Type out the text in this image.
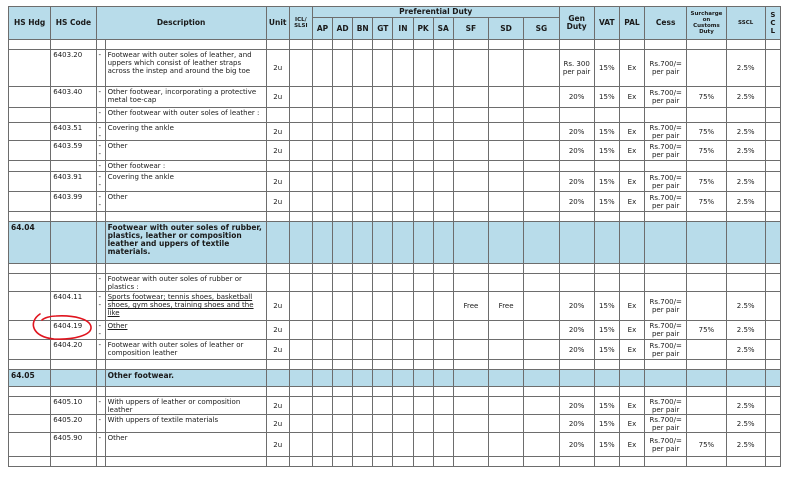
HS Hdg	HS Code	Description		Unit	ICL/ SLSI	Preferential Duty										Gen Duty	VAT	PAL	Cess	Surcharge on Customs Duty	SSCL	S C L
						AP	AD	BN	GT	IN	PK	SA	SF	SD	SG							

	6403.20	-	Footwear with outer soles of leather, and uppers which consist of leather straps across the instep and around the big toe	2u												Rs. 300 per pair	15%	Ex	Rs.700/= per pair		2.5%	
	6403.40	-	Other footwear, incorporating a protective metal toe-cap	2u												20%	15%	Ex	Rs.700/= per pair	75%	2.5%	
		-	Other footwear with outer soles of leather :																			
	6403.51	--	Covering the ankle	2u												20%	15%	Ex	Rs.700/= per pair	75%	2.5%	
	6403.59	--	Other	2u												20%	15%	Ex	Rs.700/= per pair	75%	2.5%	
		-	Other footwear :																			
	6403.91	--	Covering the ankle	2u												20%	15%	Ex	Rs.700/= per pair	75%	2.5%	
	6403.99	--	Other	2u												20%	15%	Ex	Rs.700/= per pair	75%	2.5%	

64.04			Footwear with outer soles of rubber, plastics, leather or composition leather and uppers of textile materials.																			

		-	Footwear with outer soles of rubber or plastics :																			
	6404.11	--	Sports footwear; tennis shoes, basketball shoes, gym shoes, training shoes and the like	2u									Free	Free		20%	15%	Ex	Rs.700/= per pair		2.5%	
	6404.19	--	Other	2u												20%	15%	Ex	Rs.700/= per pair	75%	2.5%	
	6404.20	-	Footwear with outer soles of leather or composition leather	2u												20%	15%	Ex	Rs.700/= per pair		2.5%	

64.05			Other footwear.																			

	6405.10	-	With uppers of leather or composition leather	2u												20%	15%	Ex	Rs.700/= per pair		2.5%	
	6405.20	-	With uppers of textile materials	2u												20%	15%	Ex	Rs.700/= per pair		2.5%	
	6405.90	-	Other	2u												20%	15%	Ex	Rs.700/= per pair	75%	2.5%	
